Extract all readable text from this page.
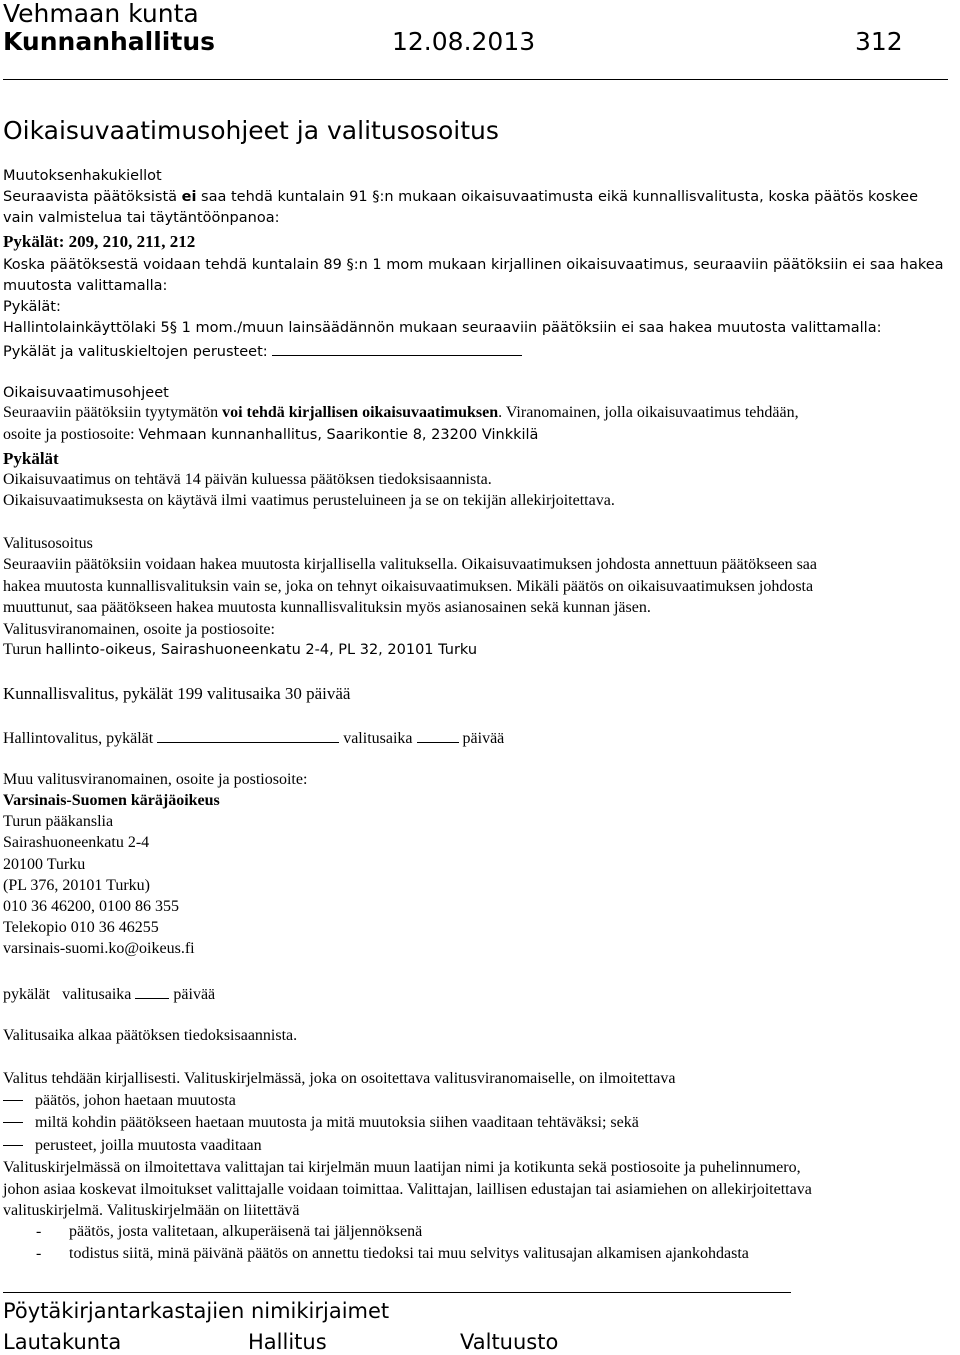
Vehmaan kunta
Kunnanhallitus	12.08.2013	312
Oikaisuvaatimusohjeet ja valitusosoitus
Muutoksenhakukiellot
Seuraavista päätöksistä ei saa tehdä kuntalain 91 §:n mukaan oikaisuvaatimusta eikä kunnallisvalitusta, koska päätös koskee
vain valmistelua tai täytäntöönpanoa:
Pykälät: 209, 210, 211, 212
Koska päätöksestä voidaan tehdä kuntalain 89 §:n 1 mom mukaan kirjallinen oikaisuvaatimus, seuraaviin päätöksiin ei saa hakea
muutosta valittamalla:
Pykälät:
Hallintolainkäyttölaki 5§ 1 mom./muun lainsäädännön mukaan seuraaviin päätöksiin ei saa hakea muutosta valittamalla:
Pykälät ja valituskieltojen perusteet:
Oikaisuvaatimusohjeet
Seuraaviin päätöksiin tyytymätön voi tehdä kirjallisen oikaisuvaatimuksen. Viranomainen, jolla oikaisuvaatimus tehdään,
osoite ja postiosoite: Vehmaan kunnanhallitus, Saarikontie 8, 23200 Vinkkilä
Pykälät
Oikaisuvaatimus on tehtävä 14 päivän kuluessa päätöksen tiedoksisaannista.
Oikaisuvaatimuksesta on käytävä ilmi vaatimus perusteluineen ja se on tekijän allekirjoitettava.
Valitusosoitus
Seuraaviin päätöksiin voidaan hakea muutosta kirjallisella valituksella. Oikaisuvaatimuksen johdosta annettuun päätökseen saa
hakea muutosta kunnallisvalituksin vain se, joka on tehnyt oikaisuvaatimuksen. Mikäli päätös on oikaisuvaatimuksen johdosta
muuttunut, saa päätökseen hakea muutosta kunnallisvalituksin myös asianosainen sekä kunnan jäsen.
Valitusviranomainen, osoite ja postiosoite:
Turun hallinto-oikeus, Sairashuoneenkatu 2-4, PL 32, 20101 Turku
Kunnallisvalitus, pykälät 199 valitusaika 30 päivää
Hallintovalitus, pykälät	valitusaika	päivää
Muu valitusviranomainen, osoite ja postiosoite:
Varsinais-Suomen käräjäoikeus
Turun pääkanslia
Sairashuoneenkatu 2-4
20100 Turku
(PL 376, 20101 Turku)
010 36 46200, 0100 86 355
Telekopio 010 36 46255
varsinais-suomi.ko@oikeus.fi
pykälät valitusaika	päivää
Valitusaika alkaa päätöksen tiedoksisaannista.
Valitus tehdään kirjallisesti. Valituskirjelmässä, joka on osoitettava valitusviranomaiselle, on ilmoitettava
päätös, johon haetaan muutosta
miltä kohdin päätökseen haetaan muutosta ja mitä muutoksia siihen vaaditaan tehtäväksi; sekä
perusteet, joilla muutosta vaaditaan
Valituskirjelmässä on ilmoitettava valittajan tai kirjelmän muun laatijan nimi ja kotikunta sekä postiosoite ja puhelinnumero,
johon asiaa koskevat ilmoitukset valittajalle voidaan toimittaa. Valittajan, laillisen edustajan tai asiamiehen on allekirjoitettava
valituskirjelmä. Valituskirjelmään on liitettävä
- päätös, josta valitetaan, alkuperäisenä tai jäljennöksenä
- todistus siitä, minä päivänä päätös on annettu tiedoksi tai muu selvitys valitusajan alkamisen ajankohdasta
Pöytäkirjantarkastajien nimikirjaimet
Lautakunta	Hallitus	Valtuusto
